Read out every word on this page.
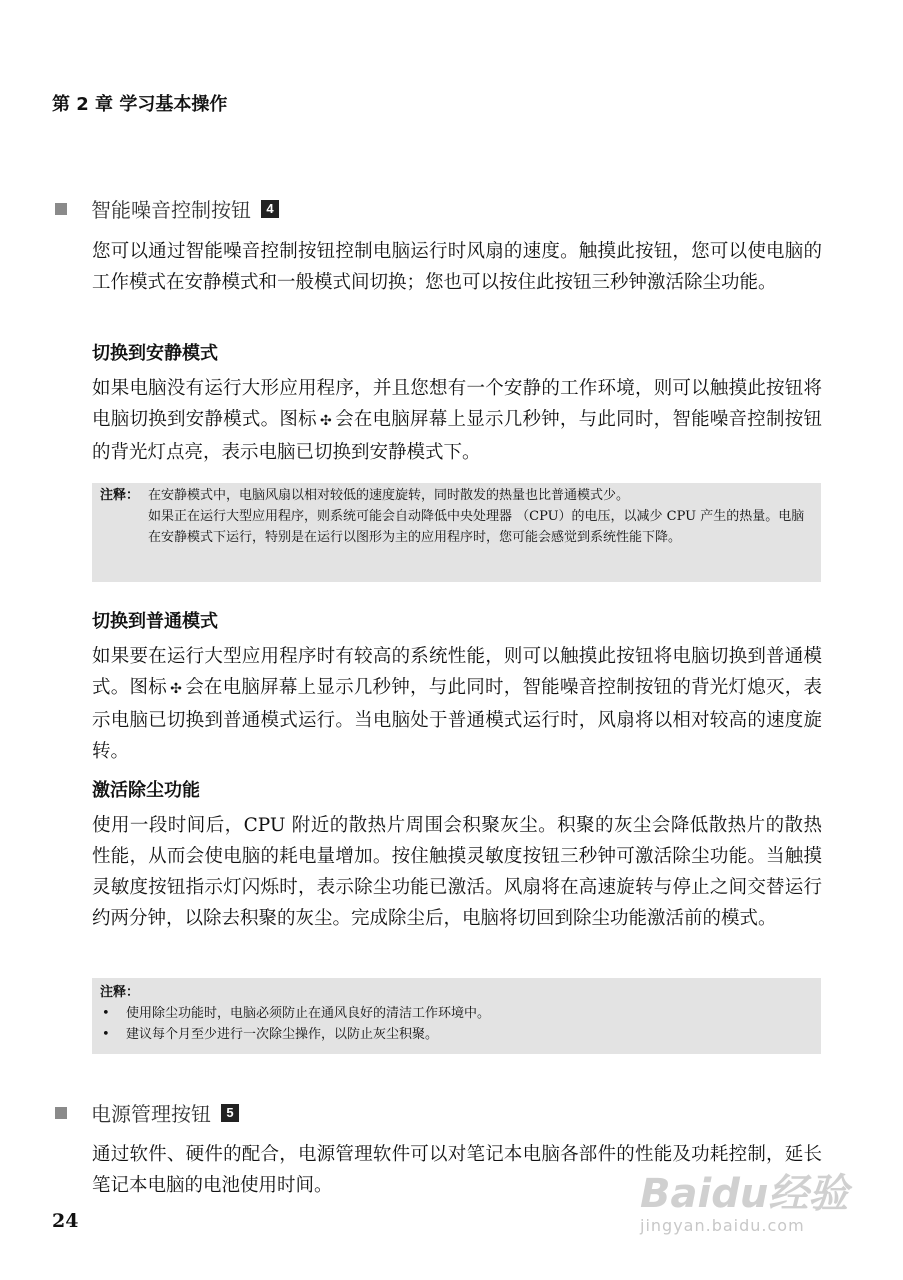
第 2 章 学习基本操作
智能噪音控制按钮	4
您可以通过智能噪音控制按钮控制电脑运行时风扇的速度。触摸此按钮，您可以使电脑的工作模式在安静模式和一般模式间切换；您也可以按住此按钮三秒钟激活除尘功能。
切换到安静模式
如果电脑没有运行大形应用程序，并且您想有一个安静的工作环境，则可以触摸此按钮将电脑切换到安静模式。图标 ✣ 会在电脑屏幕上显示几秒钟，与此同时，智能噪音控制按钮的背光灯点亮，表示电脑已切换到安静模式下。
注释： 在安静模式中，电脑风扇以相对较低的速度旋转，同时散发的热量也比普通模式少。
如果正在运行大型应用程序，则系统可能会自动降低中央处理器 （CPU）的电压，以减少 CPU 产生的热量。电脑在安静模式下运行，特别是在运行以图形为主的应用程序时，您可能会感觉到系统性能下降。
切换到普通模式
如果要在运行大型应用程序时有较高的系统性能，则可以触摸此按钮将电脑切换到普通模式。图标 ✣ 会在电脑屏幕上显示几秒钟，与此同时，智能噪音控制按钮的背光灯熄灭，表示电脑已切换到普通模式运行。当电脑处于普通模式运行时，风扇将以相对较高的速度旋转。
激活除尘功能
使用一段时间后，CPU 附近的散热片周围会积聚灰尘。积聚的灰尘会降低散热片的散热性能，从而会使电脑的耗电量增加。按住触摸灵敏度按钮三秒钟可激活除尘功能。当触摸灵敏度按钮指示灯闪烁时，表示除尘功能已激活。风扇将在高速旋转与停止之间交替运行约两分钟，以除去积聚的灰尘。完成除尘后，电脑将切回到除尘功能激活前的模式。
注释：
• 使用除尘功能时，电脑必须防止在通风良好的清洁工作环境中。
• 建议每个月至少进行一次除尘操作，以防止灰尘积聚。
电源管理按钮	5
通过软件、硬件的配合，电源管理软件可以对笔记本电脑各部件的性能及功耗控制，延长笔记本电脑的电池使用时间。
24
Baidu经验
jingyan.baidu.com
